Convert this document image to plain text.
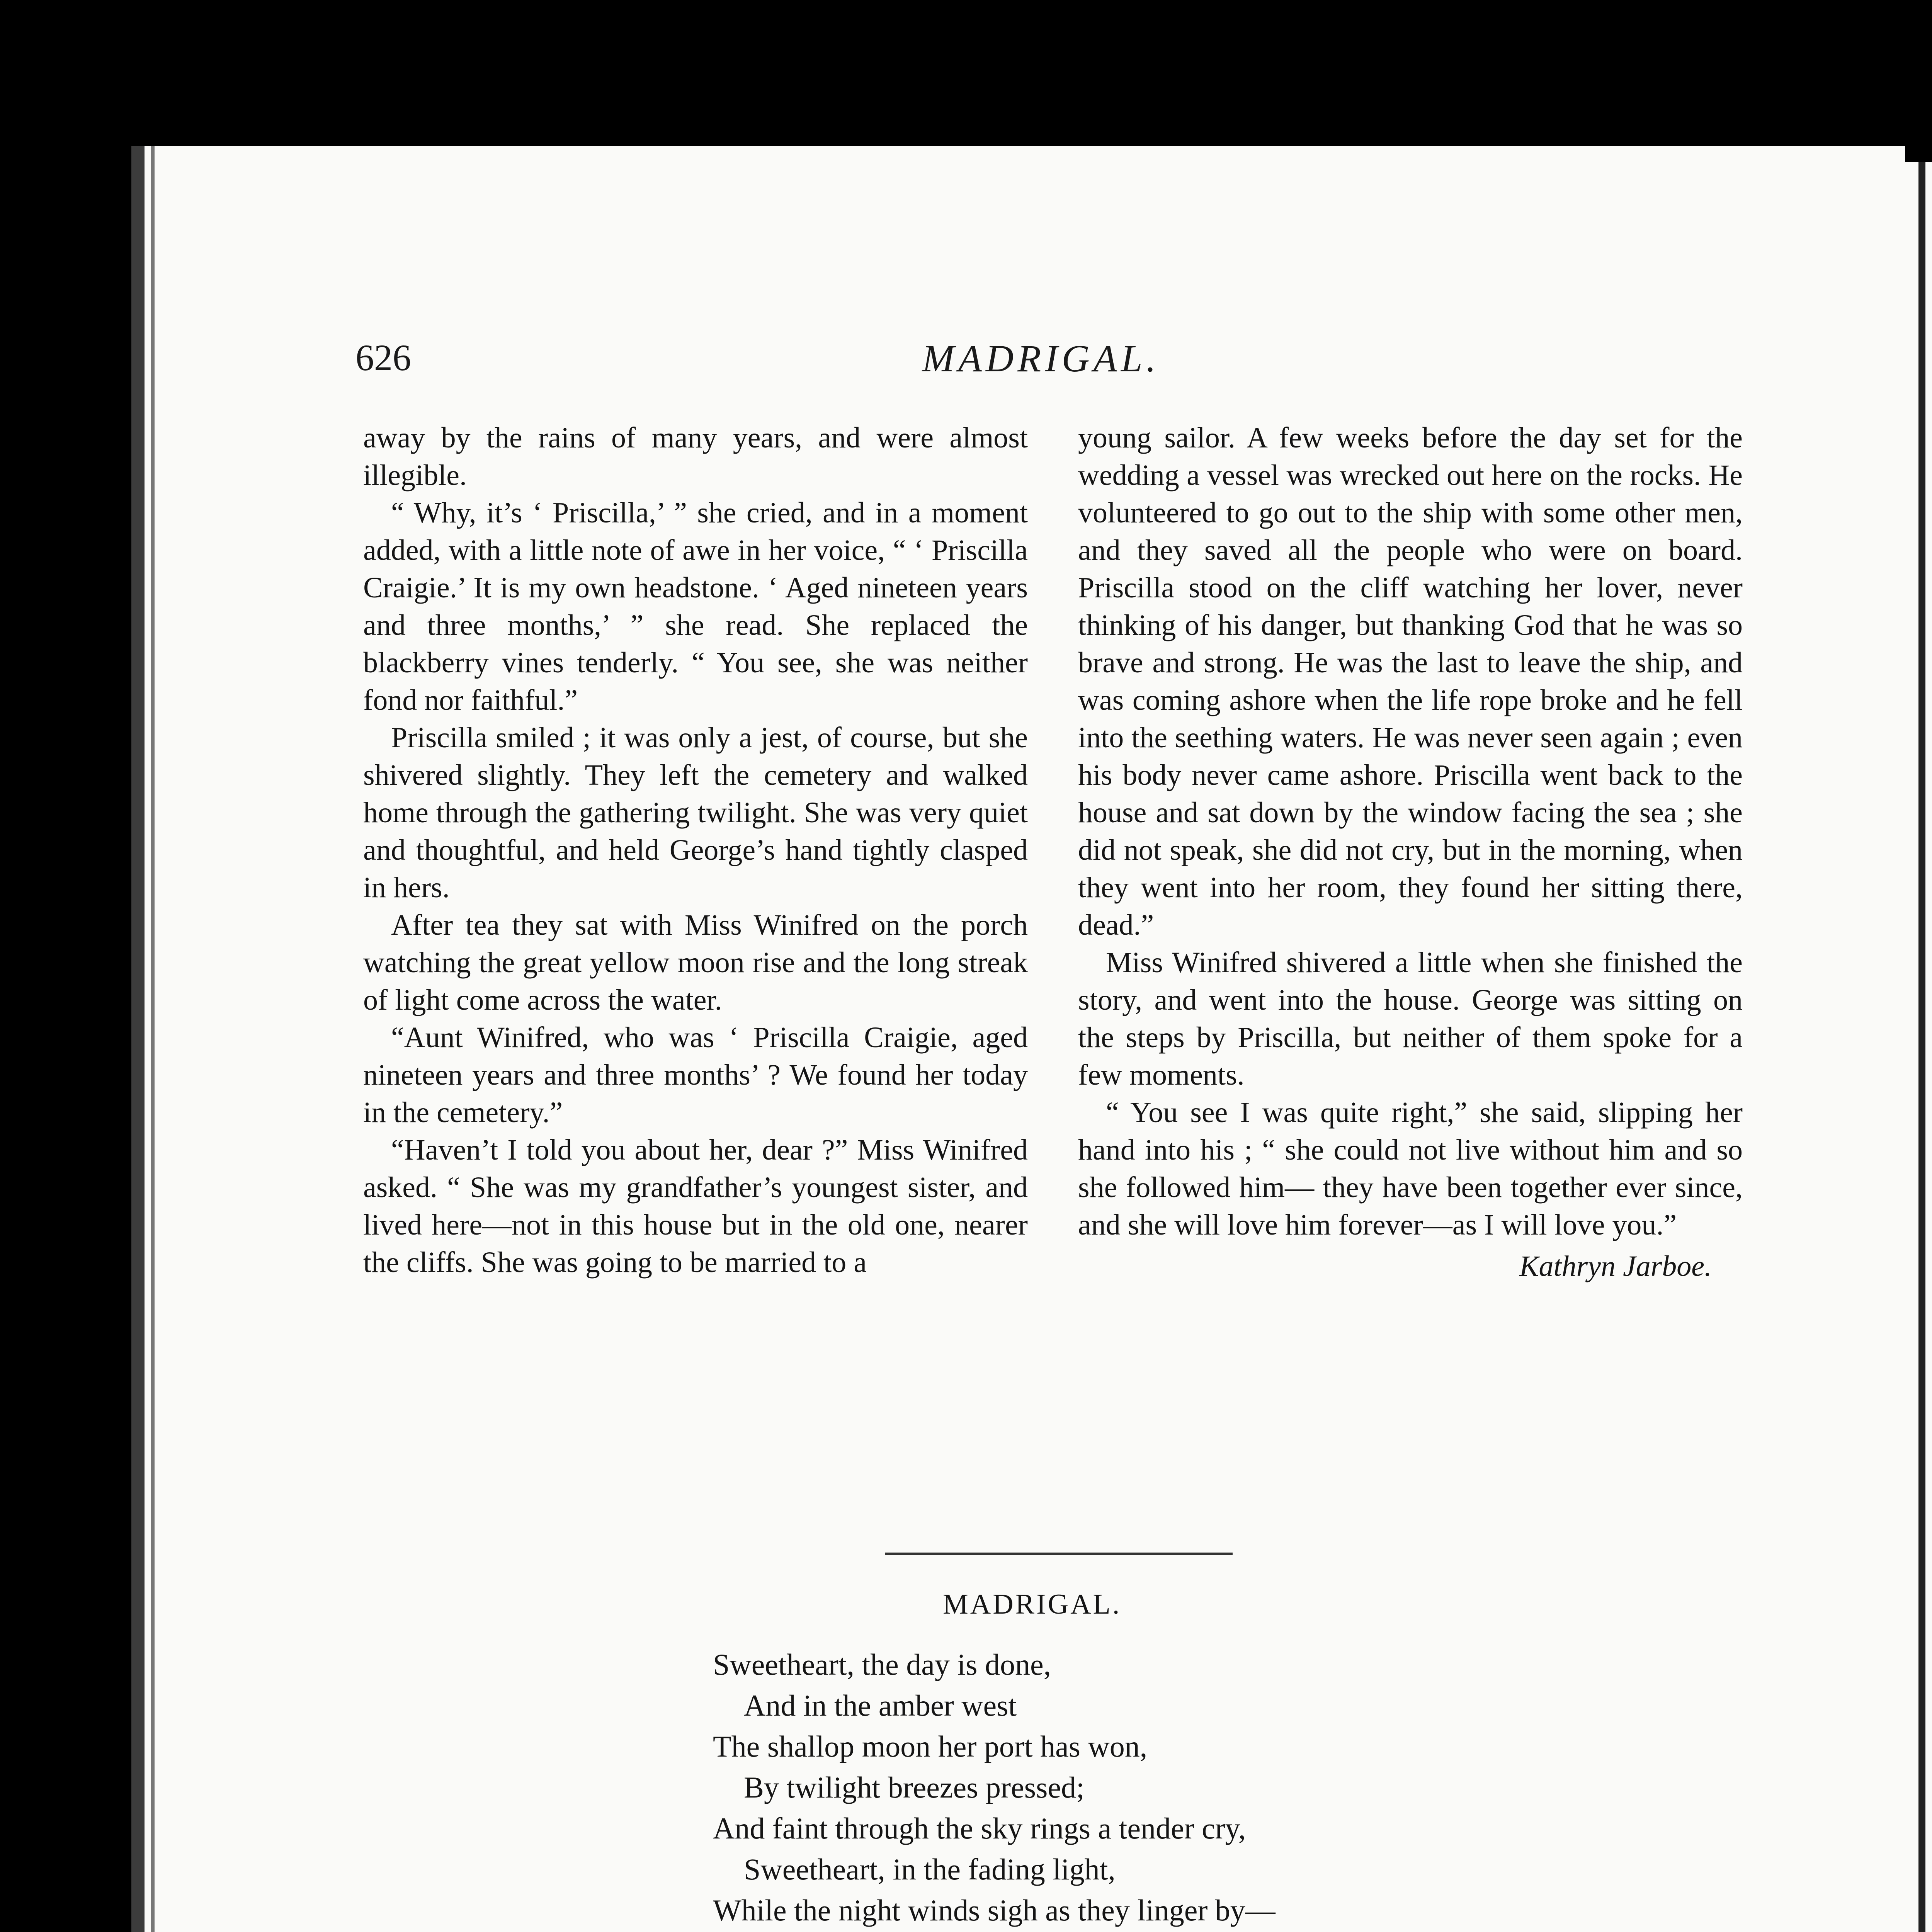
626	MADRIGAL.

away by the rains of many years, and were almost illegible.

“ Why, it’s ‘ Priscilla,’ ” she cried, and in a moment added, with a little note of awe in her voice, “ ‘ Priscilla Craigie.’ It is my own headstone. ‘ Aged nineteen years and three months,’ ” she read. She replaced the blackberry vines tenderly. “ You see, she was neither fond nor faithful.”

Priscilla smiled ; it was only a jest, of course, but she shivered slightly. They left the cemetery and walked home through the gathering twilight. She was very quiet and thoughtful, and held George’s hand tightly clasped in hers.

After tea they sat with Miss Winifred on the porch watching the great yellow moon rise and the long streak of light come across the water.

“Aunt Winifred, who was ‘ Priscilla Craigie, aged nineteen years and three months’ ? We found her today in the cemetery.”

“Haven’t I told you about her, dear ?” Miss Winifred asked. “ She was my grandfather’s youngest sister, and lived here—not in this house but in the old one, nearer the cliffs. She was going to be married to a

young sailor. A few weeks before the day set for the wedding a vessel was wrecked out here on the rocks. He volunteered to go out to the ship with some other men, and they saved all the people who were on board. Priscilla stood on the cliff watching her lover, never thinking of his danger, but thanking God that he was so brave and strong. He was the last to leave the ship, and was coming ashore when the life rope broke and he fell into the seething waters. He was never seen again ; even his body never came ashore. Priscilla went back to the house and sat down by the window facing the sea ; she did not speak, she did not cry, but in the morning, when they went into her room, they found her sitting there, dead.”

Miss Winifred shivered a little when she finished the story, and went into the house. George was sitting on the steps by Priscilla, but neither of them spoke for a few moments.

“ You see I was quite right,” she said, slipping her hand into his ; “ she could not live without him and so she followed him— they have been together ever since, and she will love him forever—as I will love you.”

Kathryn Jarboe.
MADRIGAL.
Sweetheart, the day is done,
And in the amber west
The shallop moon her port has won,
By twilight breezes pressed;
And faint through the sky rings a tender cry,
Sweetheart, in the fading light,
While the night winds sigh as they linger by—
